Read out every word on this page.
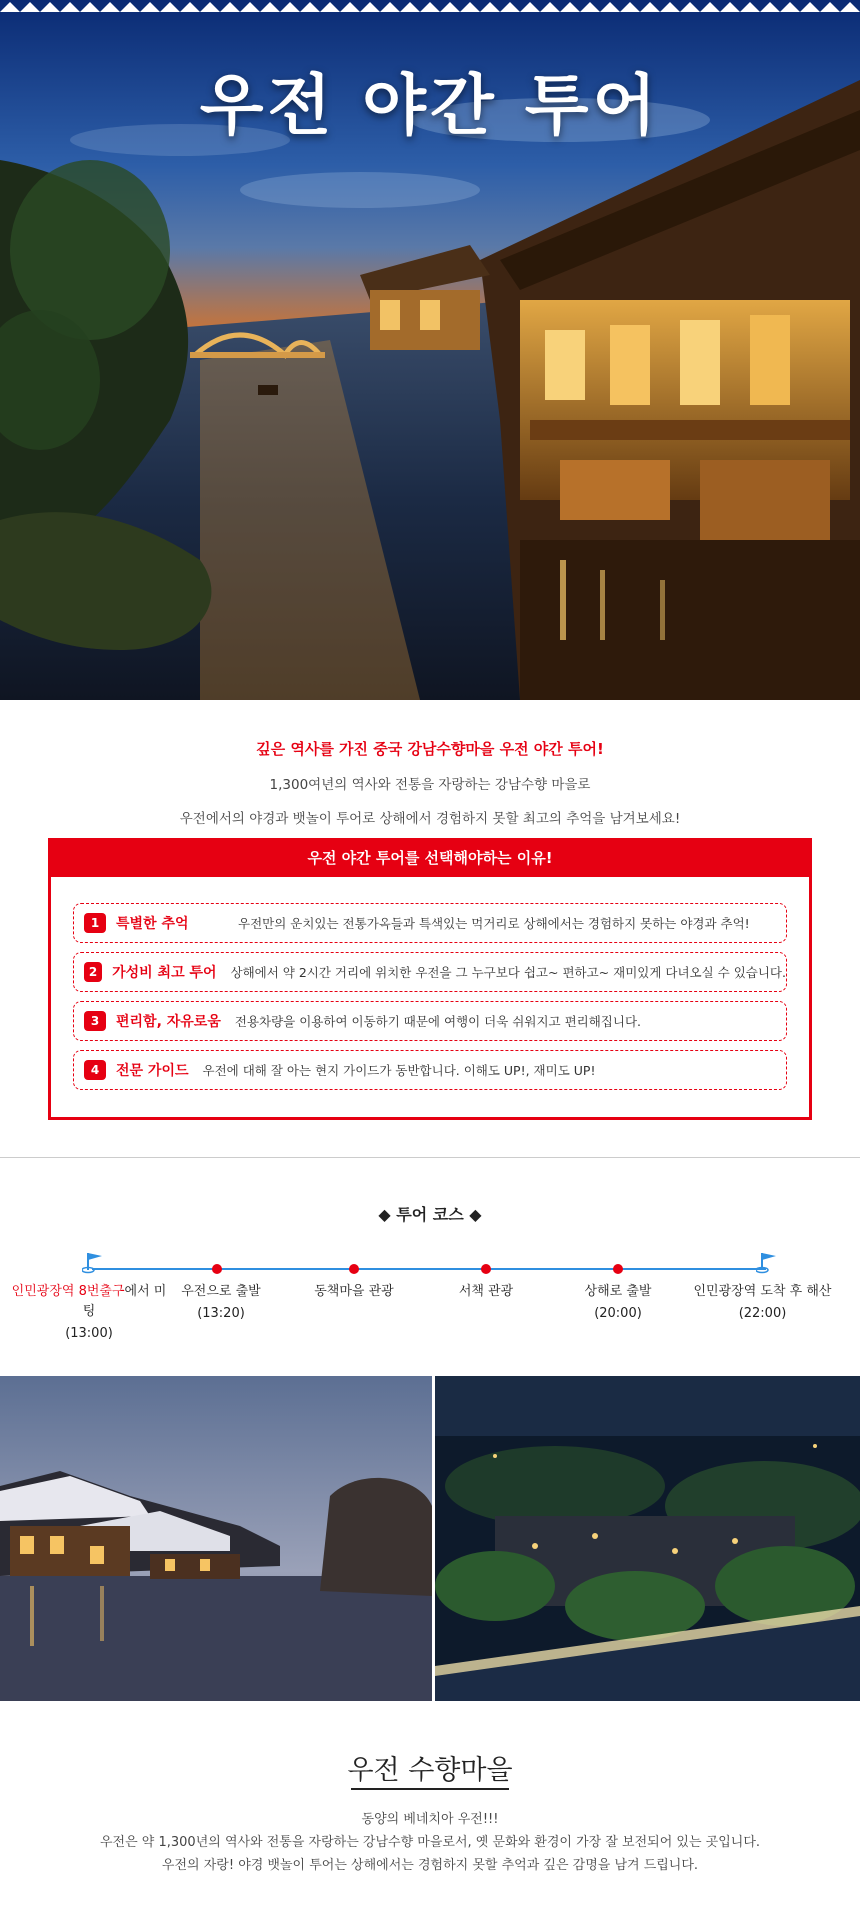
우전 야간 투어
깊은 역사를 가진 중국 강남수향마을 우전 야간 투어!
1,300여년의 역사와 전통을 자랑하는 강남수향 마을로
우전에서의 야경과 뱃놀이 투어로 상해에서 경험하지 못할 최고의 추억을 남겨보세요!
우전 야간 투어를 선택해야하는 이유!
1	특별한 추억	우전만의 운치있는 전통가옥들과 특색있는 먹거리로 상해에서는 경험하지 못하는 야경과 추억!
2	가성비 최고 투어 상해에서 약 2시간 거리에 위치한 우전을 그 누구보다 쉽고~ 편하고~ 재미있게 다녀오실 수 있습니다.
3	편리함, 자유로움 전용차량을 이용하여 이동하기 때문에 여행이 더욱 쉬워지고 편리해집니다.
4	전문 가이드 우전에 대해 잘 아는 현지 가이드가 동반합니다. 이해도 UP!, 재미도 UP!
◆ 투어 코스 ◆
인민광장역 8번출구에서 미팅
(13:00)
우전으로 출발
(13:20)
동책마을 관광	서책 관광	상해로 출발
(20:00)
인민광장역 도착 후 해산
(22:00)
우전 수향마을
동양의 베네치아 우전!!!
우전은 약 1,300년의 역사와 전통을 자랑하는 강남수향 마을로서, 옛 문화와 환경이 가장 잘 보전되어 있는 곳입니다.
우전의 자랑! 야경 뱃놀이 투어는 상해에서는 경험하지 못할 추억과 깊은 감명을 남겨 드립니다.
